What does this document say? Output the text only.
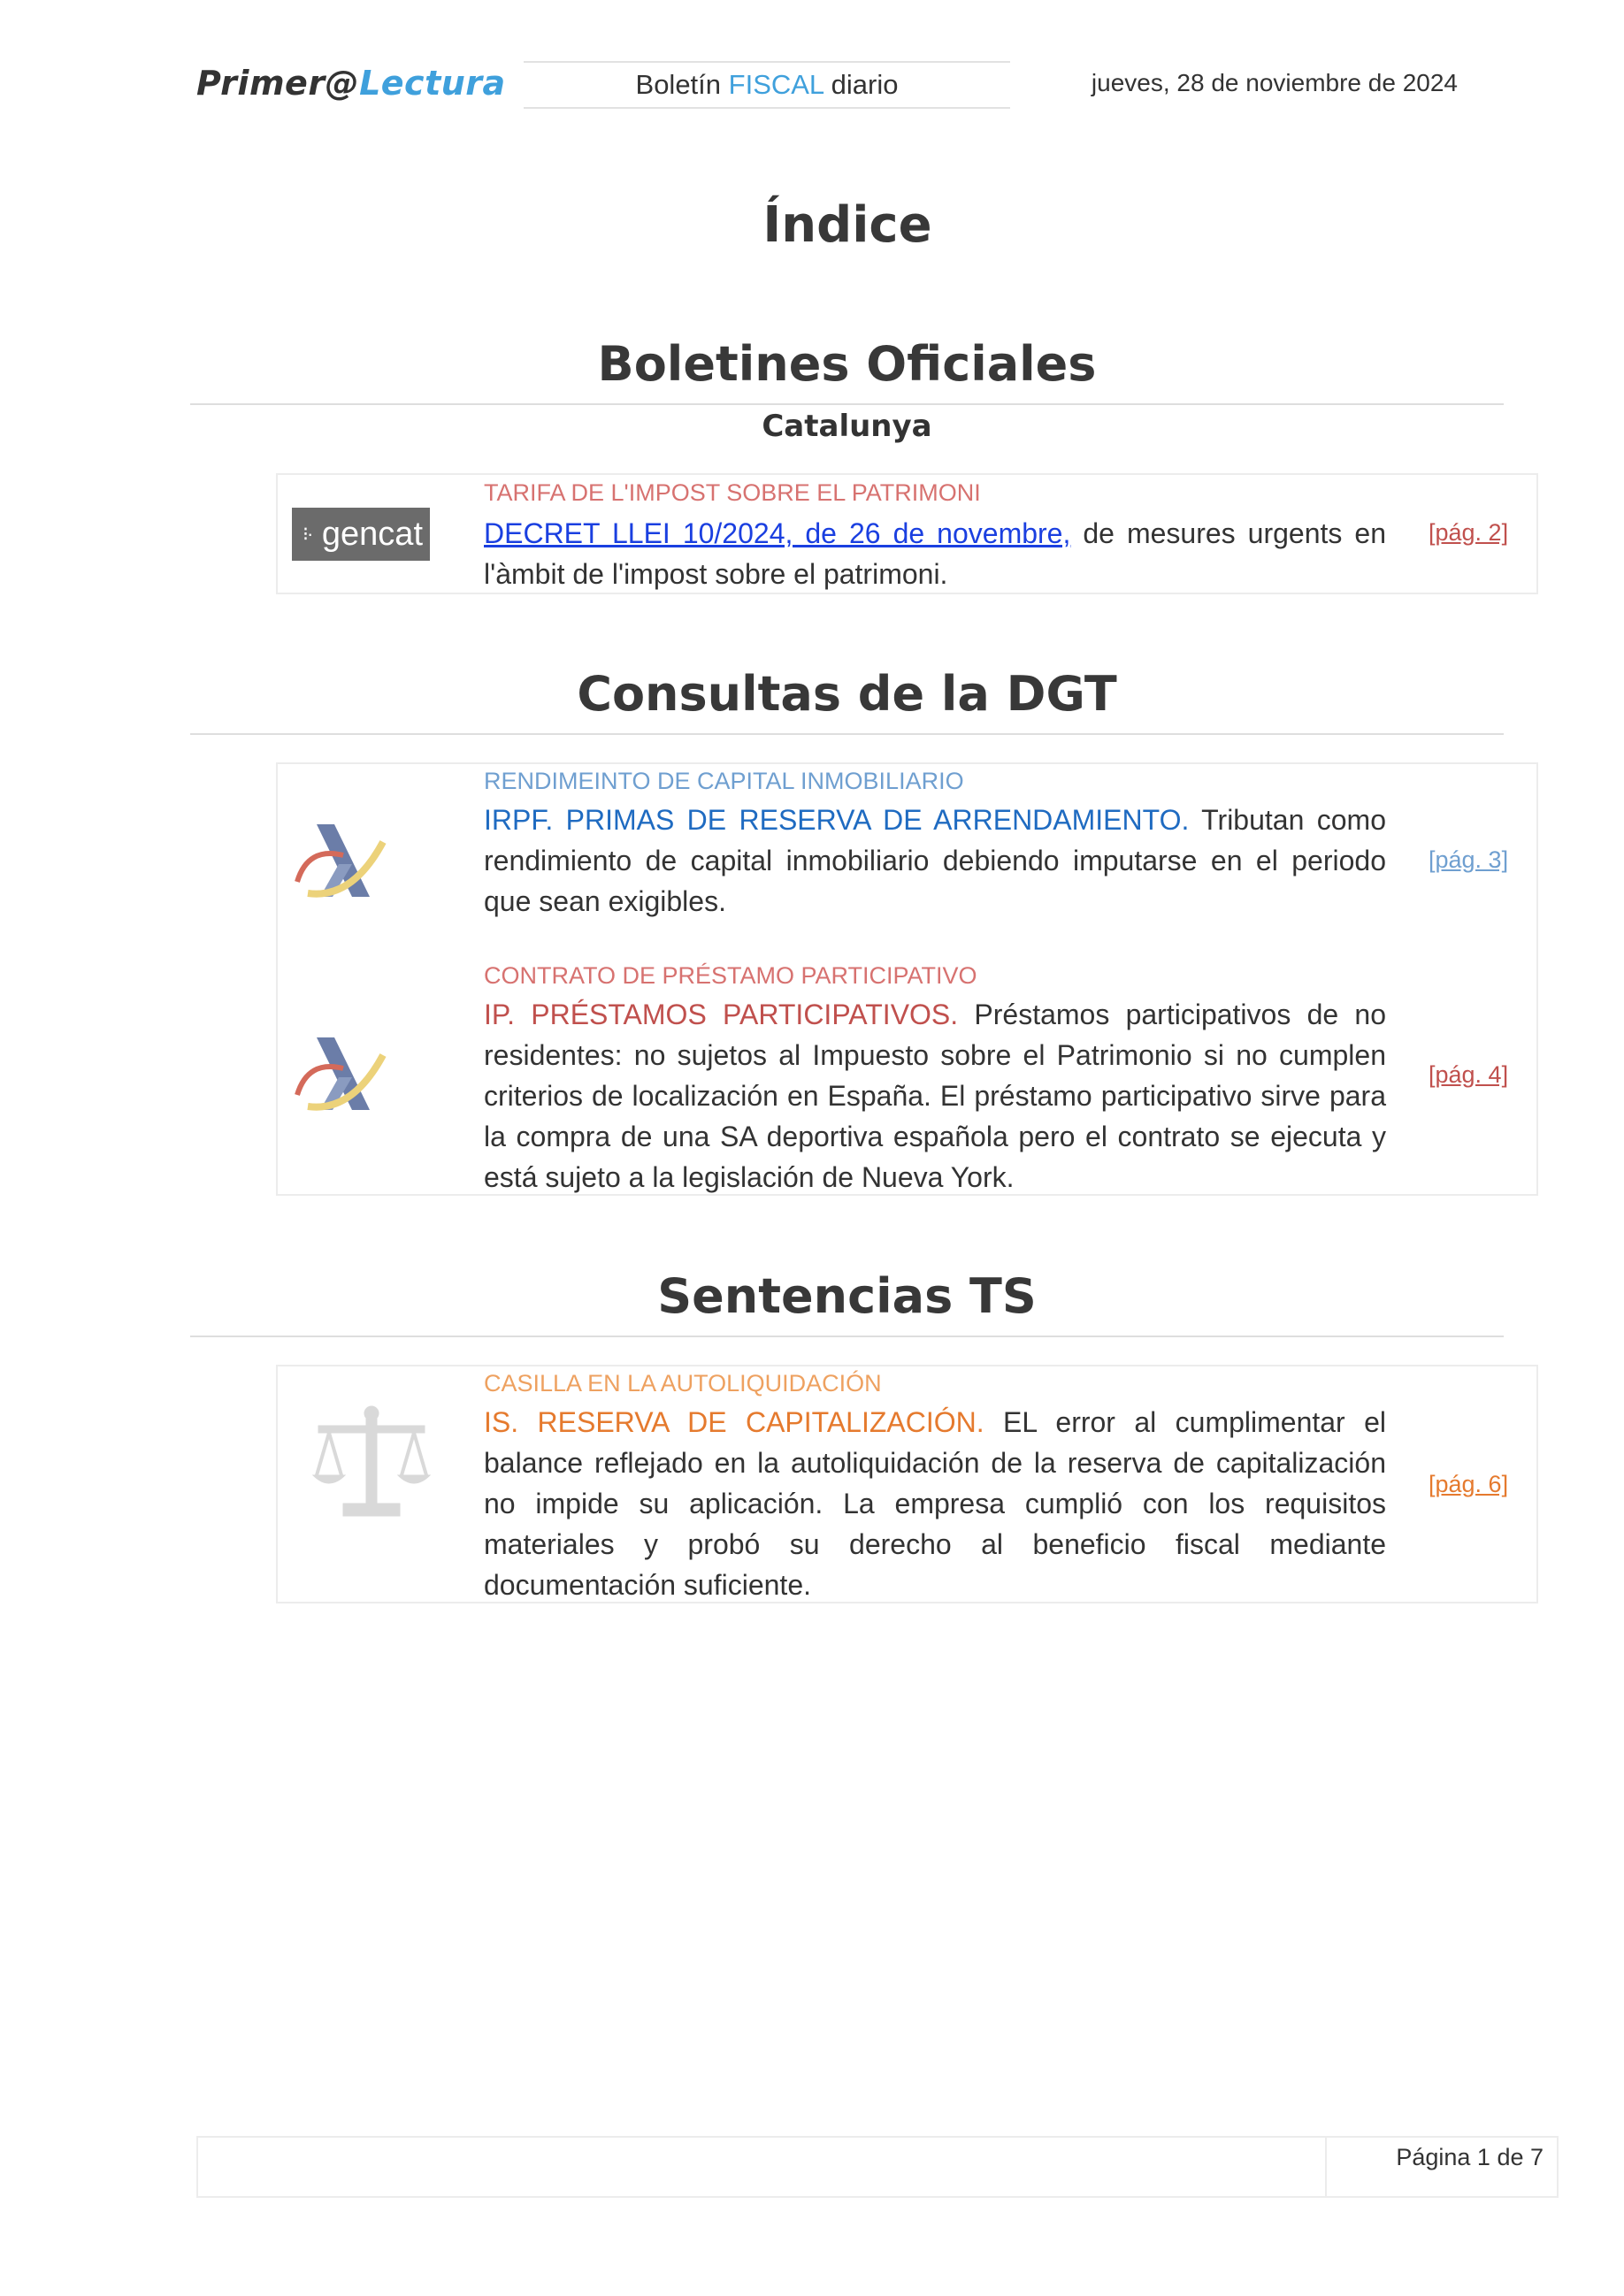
Primer@Lectura	Boletín FISCAL diario	jueves, 28 de noviembre de 2024
Índice
Boletines Oficiales
Catalunya
⁝· gencat
TARIFA DE L'IMPOST SOBRE EL PATRIMONI
DECRET LLEI 10/2024, de 26 de novembre, de mesures urgents en l'àmbit de l'impost sobre el patrimoni.
[pág. 2]
Consultas de la DGT
RENDIMEINTO DE CAPITAL INMOBILIARIO
IRPF. PRIMAS DE RESERVA DE ARRENDAMIENTO. Tributan como rendimiento de capital inmobiliario debiendo imputarse en el periodo que sean exigibles.
[pág. 3]
CONTRATO DE PRÉSTAMO PARTICIPATIVO
IP. PRÉSTAMOS PARTICIPATIVOS. Préstamos participativos de no residentes: no sujetos al Impuesto sobre el Patrimonio si no cumplen criterios de localización en España. El préstamo participativo sirve para la compra de una SA deportiva española pero el contrato se ejecuta y está sujeto a la legislación de Nueva York.
[pág. 4]
Sentencias TS
CASILLA EN LA AUTOLIQUIDACIÓN
IS. RESERVA DE CAPITALIZACIÓN. EL error al cumplimentar el balance reflejado en la autoliquidación de la reserva de capitalización no impide su aplicación. La empresa cumplió con los requisitos materiales y probó su derecho al beneficio fiscal mediante documentación suficiente.
[pág. 6]
Página 1 de 7
